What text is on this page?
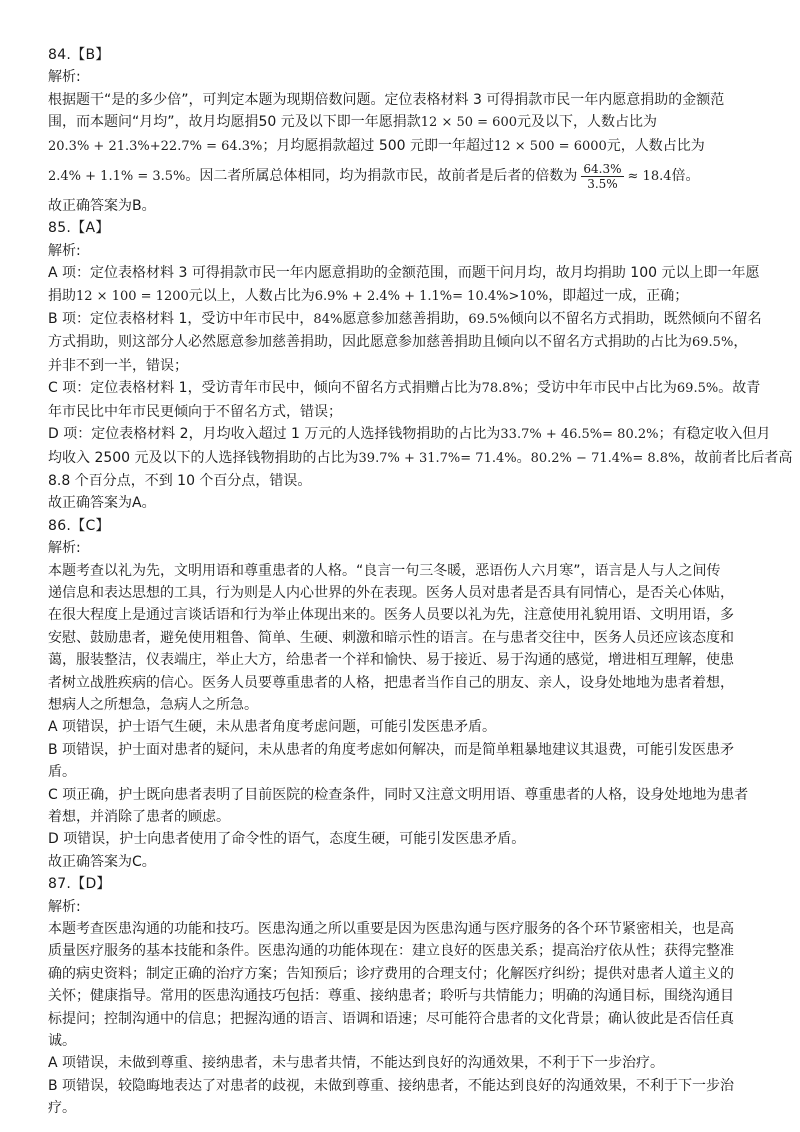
84.【B】
解析:
根据题干“是的多少倍”，可判定本题为现期倍数问题。定位表格材料 3 可得捐款市民一年内愿意捐助的金额范
围，而本题问“月均”，故月均愿捐50 元及以下即一年愿捐款12 × 50 = 600元及以下，人数占比为
20.3% + 21.3%+22.7% = 64.3%；月均愿捐款超过 500 元即一年超过12 × 500 = 6000元，人数占比为
2.4% + 1.1% = 3.5%。因二者所属总体相同，均为捐款市民，故前者是后者的倍数为 $\frac{64.3\%}{3.5\%} \approx 18.4$倍。
故正确答案为B。
85.【A】
解析:
A 项：定位表格材料 3 可得捐款市民一年内愿意捐助的金额范围，而题干问月均，故月均捐助 100 元以上即一年愿
捐助12 × 100 = 1200元以上，人数占比为6.9% + 2.4% + 1.1%= 10.4%>10%，即超过一成，正确；
B 项：定位表格材料 1，受访中年市民中，84%愿意参加慈善捐助，69.5%倾向以不留名方式捐助，既然倾向不留名
方式捐助，则这部分人必然愿意参加慈善捐助，因此愿意参加慈善捐助且倾向以不留名方式捐助的占比为69.5%，
并非不到一半，错误；
C 项：定位表格材料 1，受访青年市民中，倾向不留名方式捐赠占比为78.8%；受访中年市民中占比为69.5%。故青
年市民比中年市民更倾向于不留名方式，错误；
D 项：定位表格材料 2，月均收入超过 1 万元的人选择钱物捐助的占比为33.7% + 46.5%= 80.2%；有稳定收入但月
均收入 2500 元及以下的人选择钱物捐助的占比为39.7% + 31.7%= 71.4%。80.2% − 71.4%= 8.8%，故前者比后者高
8.8 个百分点，不到 10 个百分点，错误。
故正确答案为A。
86.【C】
解析:
本题考查以礼为先，文明用语和尊重患者的人格。“良言一句三冬暖，恶语伤人六月寒”，语言是人与人之间传
递信息和表达思想的工具，行为则是人内心世界的外在表现。医务人员对患者是否具有同情心，是否关心体贴，
在很大程度上是通过言谈话语和行为举止体现出来的。医务人员要以礼为先，注意使用礼貌用语、文明用语，多
安慰、鼓励患者，避免使用粗鲁、简单、生硬、刺激和暗示性的语言。在与患者交往中，医务人员还应该态度和
蔼，服装整洁，仪表端庄，举止大方，给患者一个祥和愉快、易于接近、易于沟通的感觉，增进相互理解，使患
者树立战胜疾病的信心。医务人员要尊重患者的人格，把患者当作自己的朋友、亲人，设身处地地为患者着想，
想病人之所想急，急病人之所急。
A 项错误，护士语气生硬，未从患者角度考虑问题，可能引发医患矛盾。
B 项错误，护士面对患者的疑问，未从患者的角度考虑如何解决，而是简单粗暴地建议其退费，可能引发医患矛
盾。
C 项正确，护士既向患者表明了目前医院的检查条件，同时又注意文明用语、尊重患者的人格，设身处地地为患者
着想，并消除了患者的顾虑。
D 项错误，护士向患者使用了命令性的语气，态度生硬，可能引发医患矛盾。
故正确答案为C。
87.【D】
解析:
本题考查医患沟通的功能和技巧。医患沟通之所以重要是因为医患沟通与医疗服务的各个环节紧密相关，也是高
质量医疗服务的基本技能和条件。医患沟通的功能体现在：建立良好的医患关系；提高治疗依从性；获得完整准
确的病史资料；制定正确的治疗方案；告知预后；诊疗费用的合理支付；化解医疗纠纷；提供对患者人道主义的
关怀；健康指导。常用的医患沟通技巧包括：尊重、接纳患者；聆听与共情能力；明确的沟通目标，围绕沟通目
标提问；控制沟通中的信息；把握沟通的语言、语调和语速；尽可能符合患者的文化背景；确认彼此是否信任真
诚。
A 项错误，未做到尊重、接纳患者，未与患者共情，不能达到良好的沟通效果，不利于下一步治疗。
B 项错误，较隐晦地表达了对患者的歧视，未做到尊重、接纳患者，不能达到良好的沟通效果，不利于下一步治
疗。
